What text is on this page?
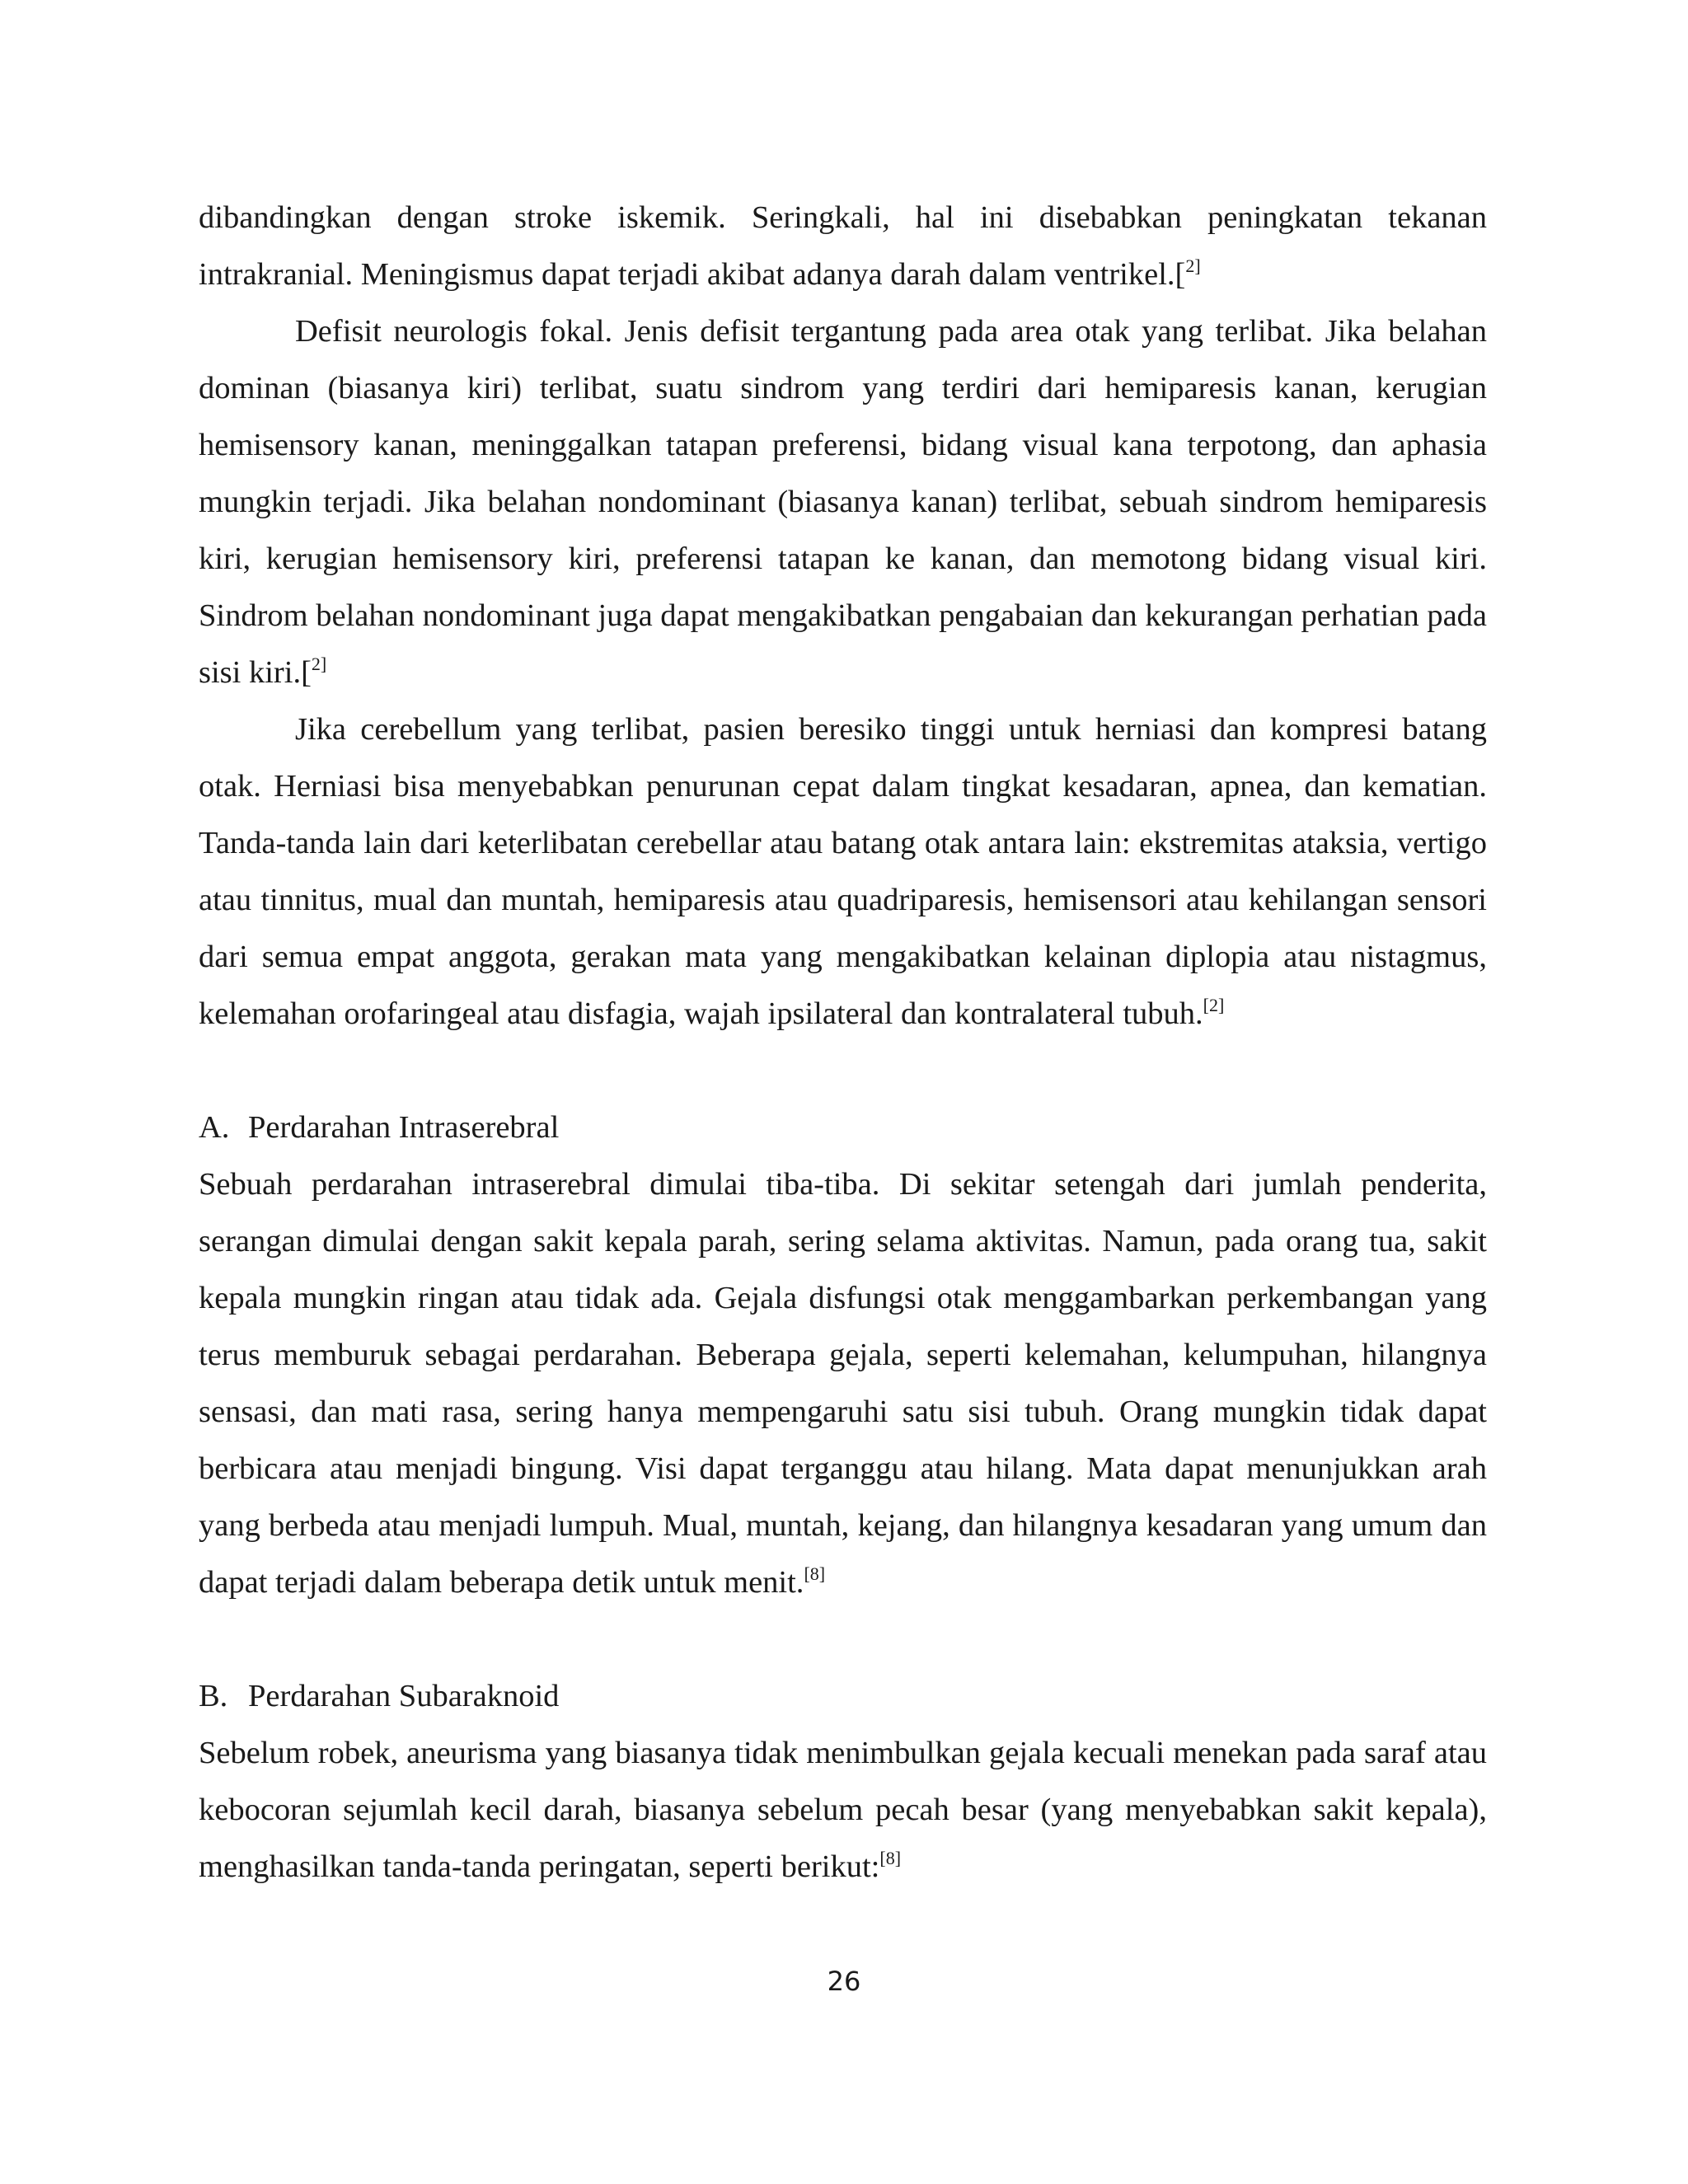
dibandingkan dengan stroke iskemik. Seringkali, hal ini disebabkan peningkatan tekanan intrakranial. Meningismus dapat terjadi akibat adanya darah dalam ventrikel.[$^{2]}$

Defisit neurologis fokal. Jenis defisit tergantung pada area otak yang terlibat. Jika belahan dominan (biasanya kiri) terlibat, suatu sindrom yang terdiri dari hemiparesis kanan, kerugian hemisensory kanan, meninggalkan tatapan preferensi, bidang visual kana terpotong, dan aphasia mungkin terjadi. Jika belahan nondominant (biasanya kanan) terlibat, sebuah sindrom hemiparesis kiri, kerugian hemisensory kiri, preferensi tatapan ke kanan, dan memotong bidang visual kiri. Sindrom belahan nondominant juga dapat mengakibatkan pengabaian dan kekurangan perhatian pada sisi kiri.[$^{2]}$

Jika cerebellum yang terlibat, pasien beresiko tinggi untuk herniasi dan kompresi batang otak. Herniasi bisa menyebabkan penurunan cepat dalam tingkat kesadaran, apnea, dan kematian. Tanda-tanda lain dari keterlibatan cerebellar atau batang otak antara lain: ekstremitas ataksia, vertigo atau tinnitus, mual dan muntah, hemiparesis atau quadriparesis, hemisensori atau kehilangan sensori dari semua empat anggota, gerakan mata yang mengakibatkan kelainan diplopia atau nistagmus, kelemahan orofaringeal atau disfagia, wajah ipsilateral dan kontralateral tubuh.[2]

A. Perdarahan Intraserebral

Sebuah perdarahan intraserebral dimulai tiba-tiba. Di sekitar setengah dari jumlah penderita, serangan dimulai dengan sakit kepala parah, sering selama aktivitas. Namun, pada orang tua, sakit kepala mungkin ringan atau tidak ada. Gejala disfungsi otak menggambarkan perkembangan yang terus memburuk sebagai perdarahan. Beberapa gejala, seperti kelemahan, kelumpuhan, hilangnya sensasi, dan mati rasa, sering hanya mempengaruhi satu sisi tubuh. Orang mungkin tidak dapat berbicara atau menjadi bingung. Visi dapat terganggu atau hilang. Mata dapat menunjukkan arah yang berbeda atau menjadi lumpuh. Mual, muntah, kejang, dan hilangnya kesadaran yang umum dan dapat terjadi dalam beberapa detik untuk menit.[8]

B. Perdarahan Subaraknoid

Sebelum robek, aneurisma yang biasanya tidak menimbulkan gejala kecuali menekan pada saraf atau kebocoran sejumlah kecil darah, biasanya sebelum pecah besar (yang menyebabkan sakit kepala), menghasilkan tanda-tanda peringatan, seperti berikut:[8]

26
